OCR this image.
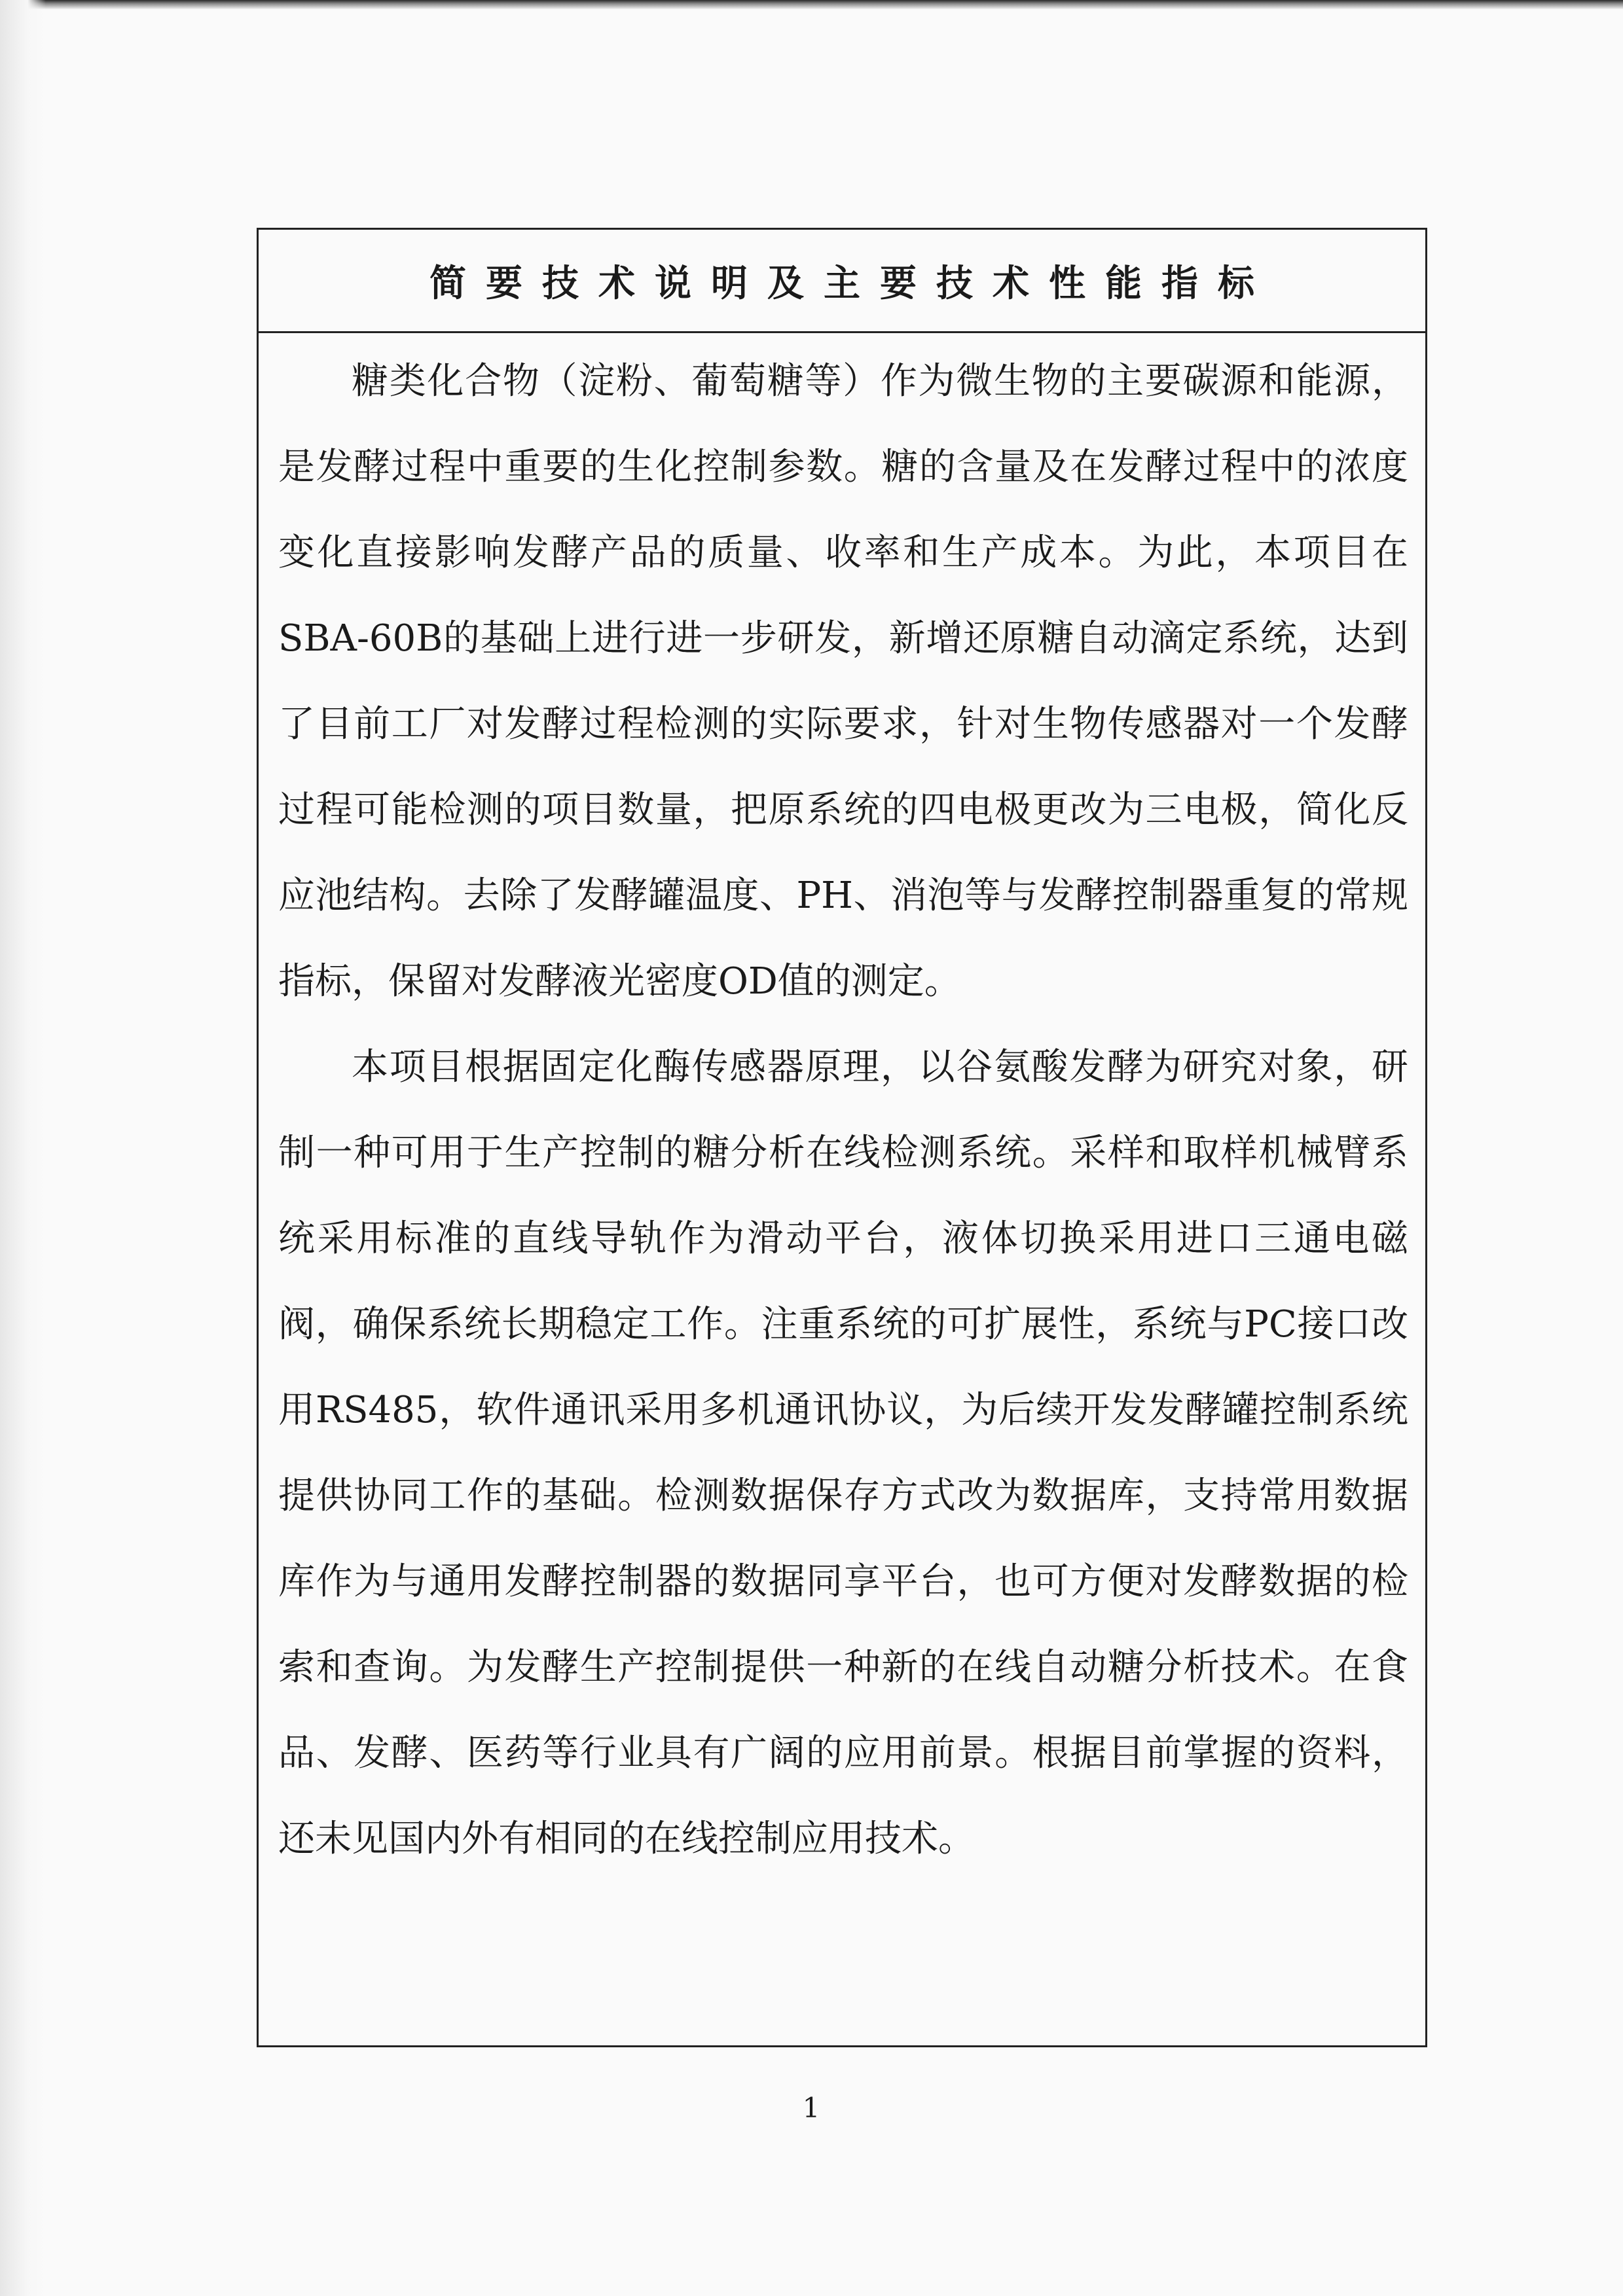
简要技术说明及主要技术性能指标

糖类化合物（淀粉、葡萄糖等）作为微生物的主要碳源和能源，是发酵过程中重要的生化控制参数。糖的含量及在发酵过程中的浓度变化直接影响发酵产品的质量、收率和生产成本。为此，本项目在SBA-60B的基础上进行进一步研发，新增还原糖自动滴定系统，达到了目前工厂对发酵过程检测的实际要求，针对生物传感器对一个发酵过程可能检测的项目数量，把原系统的四电极更改为三电极，简化反应池结构。去除了发酵罐温度、PH、消泡等与发酵控制器重复的常规指标，保留对发酵液光密度OD值的测定。

本项目根据固定化酶传感器原理，以谷氨酸发酵为研究对象，研制一种可用于生产控制的糖分析在线检测系统。采样和取样机械臂系统采用标准的直线导轨作为滑动平台，液体切换采用进口三通电磁阀，确保系统长期稳定工作。注重系统的可扩展性，系统与PC接口改用RS485，软件通讯采用多机通讯协议，为后续开发发酵罐控制系统提供协同工作的基础。检测数据保存方式改为数据库，支持常用数据库作为与通用发酵控制器的数据同享平台，也可方便对发酵数据的检索和查询。为发酵生产控制提供一种新的在线自动糖分析技术。在食品、发酵、医药等行业具有广阔的应用前景。根据目前掌握的资料，还未见国内外有相同的在线控制应用技术。

1
